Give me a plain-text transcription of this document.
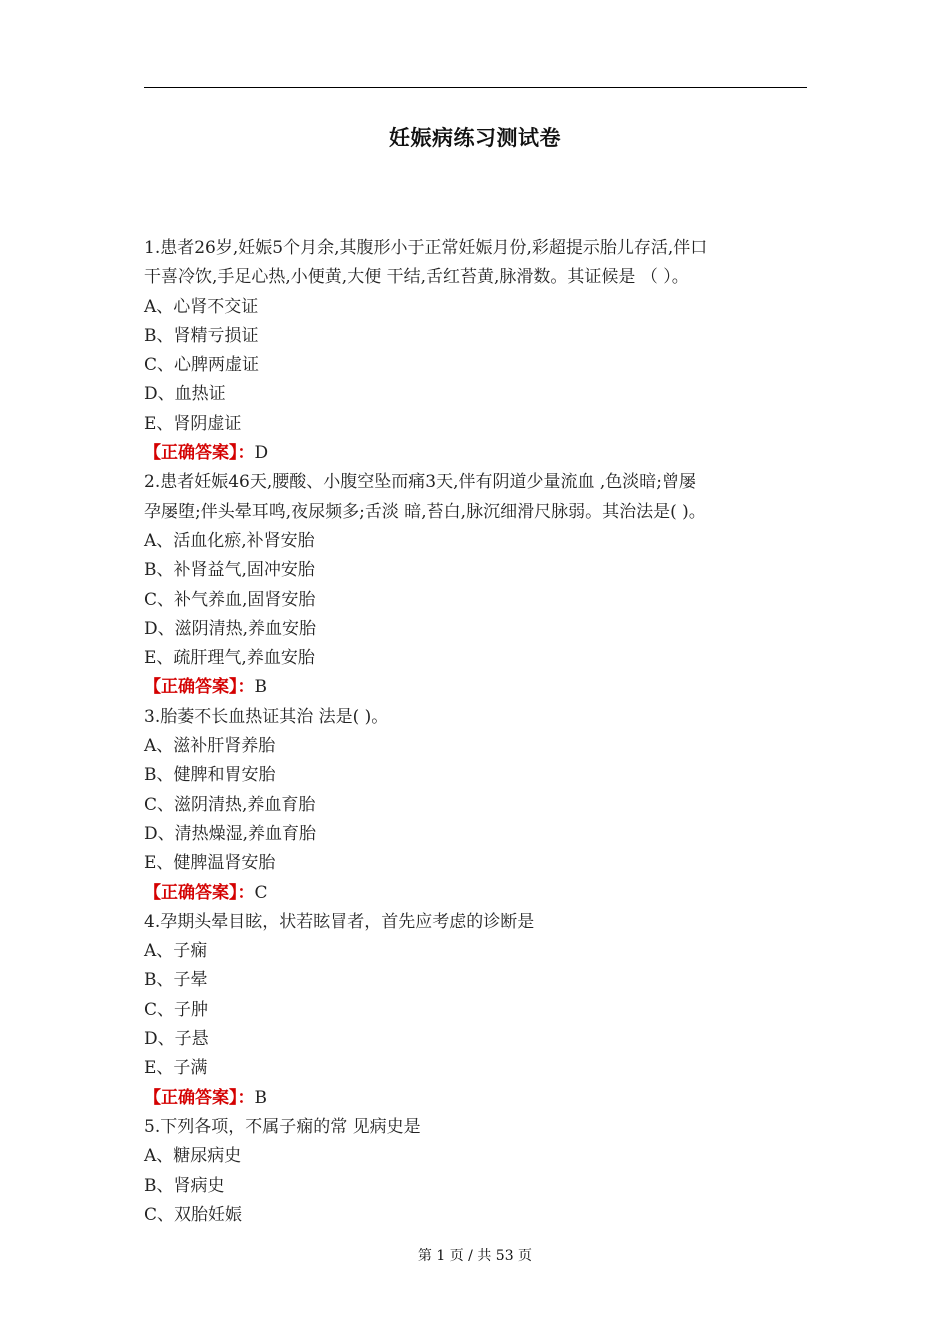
妊娠病练习测试卷
1.患者26岁,妊娠5个月余,其腹形小于正常妊娠月份,彩超提示胎儿存活,伴口
干喜冷饮,手足心热,小便黄,大便 干结,舌红苔黄,脉滑数。其证候是 （ ）。
A、心肾不交证
B、肾精亏损证
C、心脾两虚证
D、血热证
E、肾阴虚证
【正确答案】：D
2.患者妊娠46天,腰酸、小腹空坠而痛3天,伴有阴道少量流血 ,色淡暗;曾屡
孕屡堕;伴头晕耳鸣,夜尿频多;舌淡 暗,苔白,脉沉细滑尺脉弱。其治法是( )。
A、活血化瘀,补肾安胎
B、补肾益气,固冲安胎
C、补气养血,固肾安胎
D、滋阴清热,养血安胎
E、疏肝理气,养血安胎
【正确答案】：B
3.胎萎不长血热证其治 法是( )。
A、滋补肝肾养胎
B、健脾和胃安胎
C、滋阴清热,养血育胎
D、清热燥湿,养血育胎
E、健脾温肾安胎
【正确答案】：C
4.孕期头晕目眩，状若眩冒者，首先应考虑的诊断是
A、子痫
B、子晕
C、子肿
D、子悬
E、子满
【正确答案】：B
5.下列各项，不属子痫的常 见病史是
A、糖尿病史
B、肾病史
C、双胎妊娠
第 1 页 / 共 53 页
